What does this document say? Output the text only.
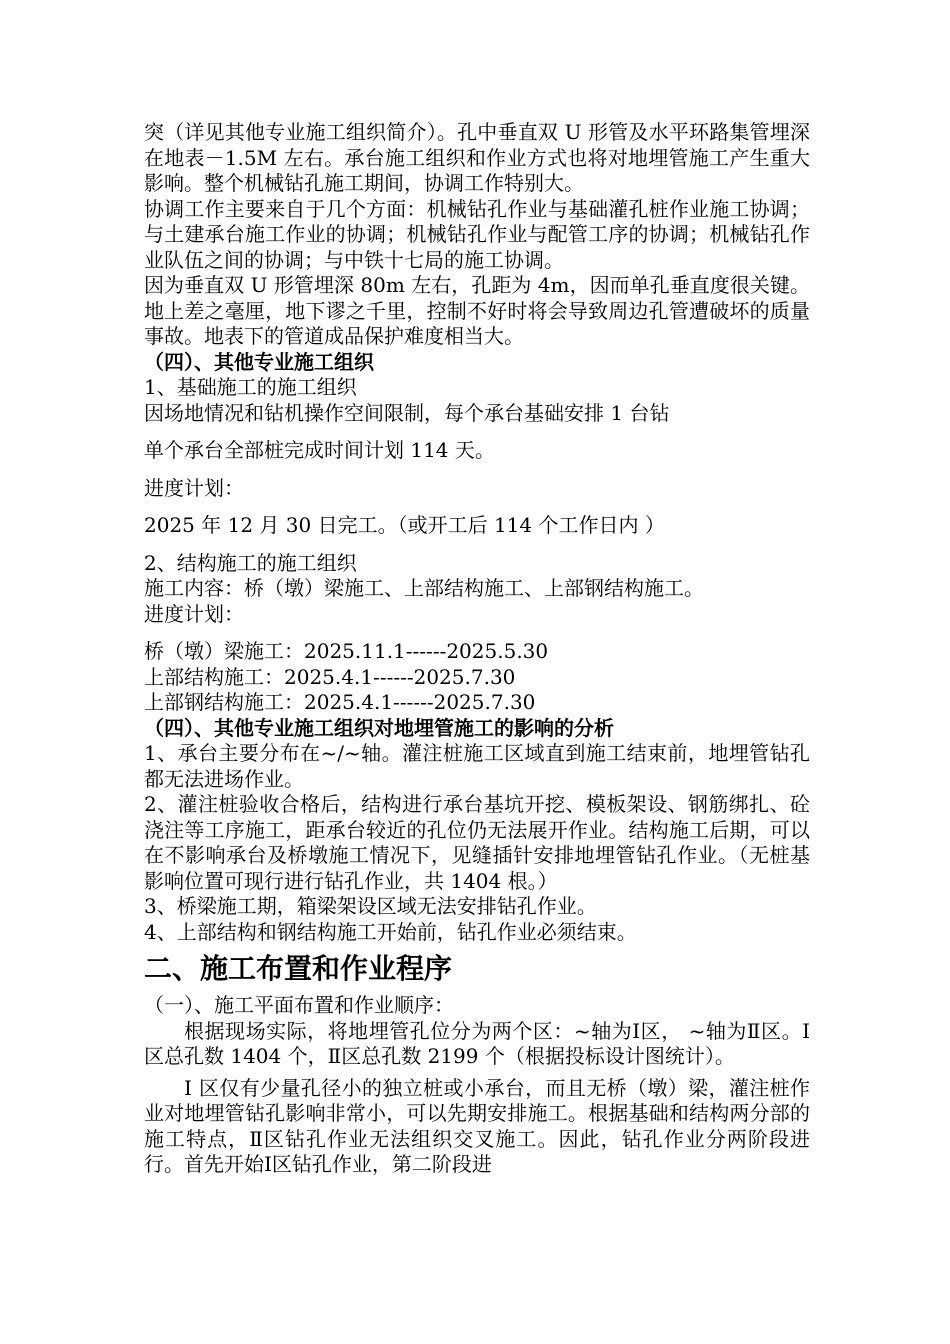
突（详见其他专业施工组织简介）。孔中垂直双 U 形管及水平环路集管埋深在地表－1.5M 左右。承台施工组织和作业方式也将对地埋管施工产生重大影响。整个机械钻孔施工期间，协调工作特别大。

协调工作主要来自于几个方面：机械钻孔作业与基础灌孔桩作业施工协调；与土建承台施工作业的协调；机械钻孔作业与配管工序的协调；机械钻孔作业队伍之间的协调；与中铁十七局的施工协调。

因为垂直双 U 形管埋深 80m 左右，孔距为 4m，因而单孔垂直度很关键。地上差之毫厘，地下谬之千里，控制不好时将会导致周边孔管遭破坏的质量事故。地表下的管道成品保护难度相当大。

（四）、其他专业施工组织

1、基础施工的施工组织

因场地情况和钻机操作空间限制，每个承台基础安排 1 台钻

单个承台全部桩完成时间计划 114 天。

进度计划：

2025 年 12 月 30 日完工。（或开工后 114 个工作日内 ）

2、结构施工的施工组织

施工内容：桥（墩）梁施工、上部结构施工、上部钢结构施工。

进度计划：

桥（墩）梁施工：2025.11.1------2025.5.30

上部结构施工：2025.4.1------2025.7.30

上部钢结构施工：2025.4.1------2025.7.30

（四）、其他专业施工组织对地埋管施工的影响的分析

1、承台主要分布在~/~轴。灌注桩施工区域直到施工结束前，地埋管钻孔都无法进场作业。

2、灌注桩验收合格后，结构进行承台基坑开挖、模板架设、钢筋绑扎、砼浇注等工序施工，距承台较近的孔位仍无法展开作业。结构施工后期，可以在不影响承台及桥墩施工情况下，见缝插针安排地埋管钻孔作业。（无桩基影响位置可现行进行钻孔作业，共 1404 根。）

3、桥梁施工期，箱梁架设区域无法安排钻孔作业。

4、上部结构和钢结构施工开始前，钻孔作业必须结束。

二、施工布置和作业程序

（一）、施工平面布置和作业顺序：

根据现场实际，将地埋管孔位分为两个区：~轴为Ⅰ区， ~轴为Ⅱ区。Ⅰ区总孔数 1404 个，Ⅱ区总孔数 2199 个（根据投标设计图统计）。

Ⅰ 区仅有少量孔径小的独立桩或小承台，而且无桥（墩）梁，灌注桩作业对地埋管钻孔影响非常小，可以先期安排施工。根据基础和结构两分部的施工特点，Ⅱ区钻孔作业无法组织交叉施工。因此，钻孔作业分两阶段进行。首先开始Ⅰ区钻孔作业，第二阶段进
